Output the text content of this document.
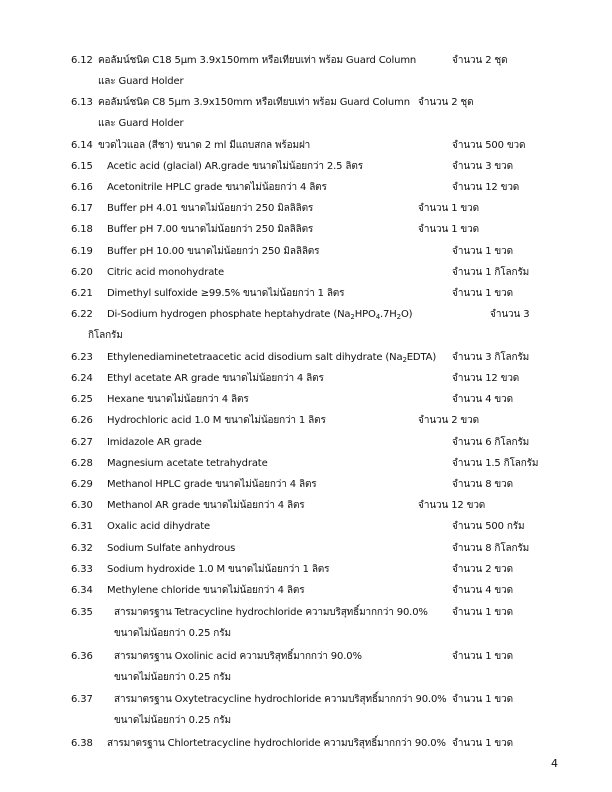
6.12 คอลัมน์ชนิด C18 5µm 3.9x150mm หรือเทียบเท่า พร้อม Guard Column	จำนวน 2 ชุด
และ Guard Holder
6.13 คอลัมน์ชนิด C8 5µm 3.9x150mm หรือเทียบเท่า พร้อม Guard Column จำนวน 2 ชุด
และ Guard Holder
6.14 ขวดไวแอล (สีชา) ขนาด 2 ml มีแถบสกล พร้อมฝา	จำนวน 500 ขวด
6.15 Acetic acid (glacial) AR.grade ขนาดไม่น้อยกว่า 2.5 ลิตร	จำนวน 3 ขวด
6.16 Acetonitrile HPLC grade ขนาดไม่น้อยกว่า 4 ลิตร	จำนวน 12 ขวด
6.17 Buffer pH 4.01 ขนาดไม่น้อยกว่า 250 มิลลิลิตร	จำนวน 1 ขวด
6.18 Buffer pH 7.00 ขนาดไม่น้อยกว่า 250 มิลลิลิตร	จำนวน 1 ขวด
6.19 Buffer pH 10.00 ขนาดไม่น้อยกว่า 250 มิลลิลิตร	จำนวน 1 ขวด
6.20 Citric acid monohydrate	จำนวน 1 กิโลกรัม
6.21 Dimethyl sulfoxide ≥99.5% ขนาดไม่น้อยกว่า 1 ลิตร	จำนวน 1 ขวด
6.22 Di-Sodium hydrogen phosphate heptahydrate $(Na_2HPO_4.7H_2O)$	จำนวน 3
กิโลกรัม
6.23 Ethylenediaminetetraacetic acid disodium salt dihydrate $(Na_2EDTA)$ จำนวน 3 กิโลกรัม
6.24 Ethyl acetate AR grade ขนาดไม่น้อยกว่า 4 ลิตร	จำนวน 12 ขวด
6.25 Hexane ขนาดไม่น้อยกว่า 4 ลิตร	จำนวน 4 ขวด
6.26 Hydrochloric acid 1.0 M ขนาดไม่น้อยกว่า 1 ลิตร	จำนวน 2 ขวด
6.27 Imidazole AR grade	จำนวน 6 กิโลกรัม
6.28 Magnesium acetate tetrahydrate	จำนวน 1.5 กิโลกรัม
6.29 Methanol HPLC grade ขนาดไม่น้อยกว่า 4 ลิตร	จำนวน 8 ขวด
6.30 Methanol AR grade ขนาดไม่น้อยกว่า 4 ลิตร	จำนวน 12 ขวด
6.31 Oxalic acid dihydrate	จำนวน 500 กรัม
6.32 Sodium Sulfate anhydrous	จำนวน 8 กิโลกรัม
6.33 Sodium hydroxide 1.0 M ขนาดไม่น้อยกว่า 1 ลิตร	จำนวน 2 ขวด
6.34 Methylene chloride ขนาดไม่น้อยกว่า 4 ลิตร	จำนวน 4 ขวด
6.35 สารมาตรฐาน Tetracycline hydrochloride ความบริสุทธิ์มากกว่า 90.0% จำนวน 1 ขวด
ขนาดไม่น้อยกว่า 0.25 กรัม
6.36 สารมาตรฐาน Oxolinic acid ความบริสุทธิ์มากกว่า 90.0%	จำนวน 1 ขวด
ขนาดไม่น้อยกว่า 0.25 กรัม
6.37 สารมาตรฐาน Oxytetracycline hydrochloride ความบริสุทธิ์มากกว่า 90.0% จำนวน 1 ขวด
ขนาดไม่น้อยกว่า 0.25 กรัม
6.38 สารมาตรฐาน Chlortetracycline hydrochloride ความบริสุทธิ์มากกว่า 90.0% จำนวน 1 ขวด
4
